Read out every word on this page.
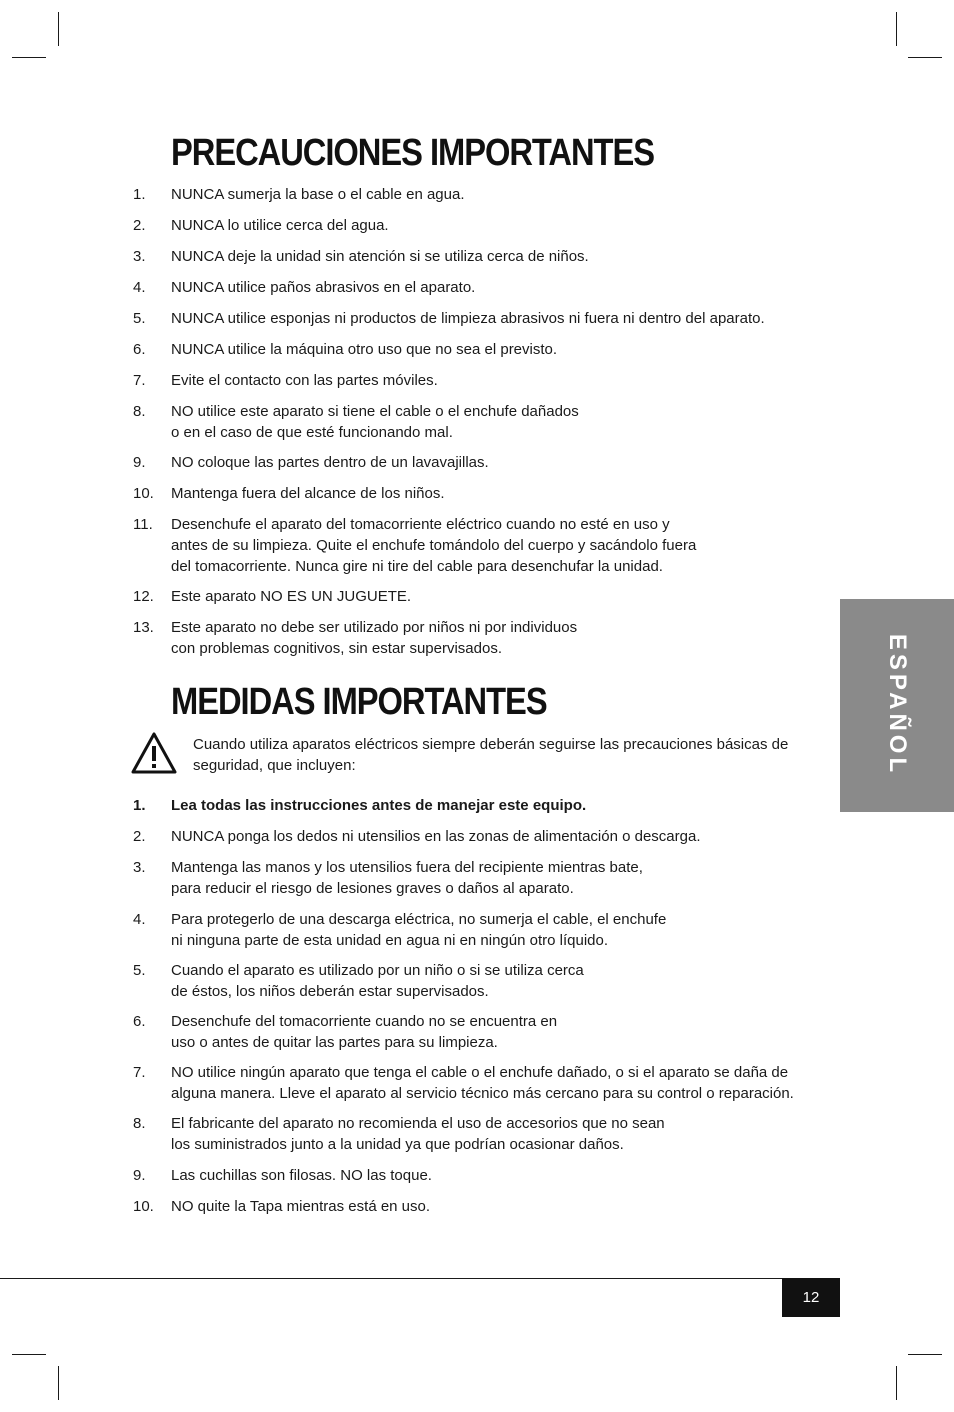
PRECAUCIONES IMPORTANTES
1. NUNCA sumerja la base o el cable en agua.
2. NUNCA lo utilice cerca del agua.
3. NUNCA deje la unidad sin atención si se utiliza cerca de niños.
4. NUNCA utilice paños abrasivos en el aparato.
5. NUNCA utilice esponjas ni productos de limpieza abrasivos ni fuera ni dentro del aparato.
6. NUNCA utilice la máquina otro uso que no sea el previsto.
7. Evite el contacto con las partes móviles.
8. NO utilice este aparato si tiene el cable o el enchufe dañados
o en el caso de que esté funcionando mal.
9. NO coloque las partes dentro de un lavavajillas.
10. Mantenga fuera del alcance de los niños.
11. Desenchufe el aparato del tomacorriente eléctrico cuando no esté en uso y
antes de su limpieza. Quite el enchufe tomándolo del cuerpo y sacándolo fuera
del tomacorriente. Nunca gire ni tire del cable para desenchufar la unidad.
12. Este aparato NO ES UN JUGUETE.
13. Este aparato no debe ser utilizado por niños ni por individuos
con problemas cognitivos, sin estar supervisados.
MEDIDAS IMPORTANTES
Cuando utiliza aparatos eléctricos siempre deberán seguirse las precauciones básicas de seguridad, que incluyen:
1. Lea todas las instrucciones antes de manejar este equipo.
2. NUNCA ponga los dedos ni utensilios en las zonas de alimentación o descarga.
3. Mantenga las manos y los utensilios fuera del recipiente mientras bate,
para reducir el riesgo de lesiones graves o daños al aparato.
4. Para protegerlo de una descarga eléctrica, no sumerja el cable, el enchufe
ni ninguna parte de esta unidad en agua ni en ningún otro líquido.
5. Cuando el aparato es utilizado por un niño o si se utiliza cerca
de éstos, los niños deberán estar supervisados.
6. Desenchufe del tomacorriente cuando no se encuentra en
uso o antes de quitar las partes para su limpieza.
7. NO utilice ningún aparato que tenga el cable o el enchufe dañado, o si el aparato se daña de
alguna manera. Lleve el aparato al servicio técnico más cercano para su control o reparación.
8. El fabricante del aparato no recomienda el uso de accesorios que no sean
los suministrados junto a la unidad ya que podrían ocasionar daños.
9. Las cuchillas son filosas. NO las toque.
10. NO quite la Tapa mientras está en uso.
ESPAÑOL
12
